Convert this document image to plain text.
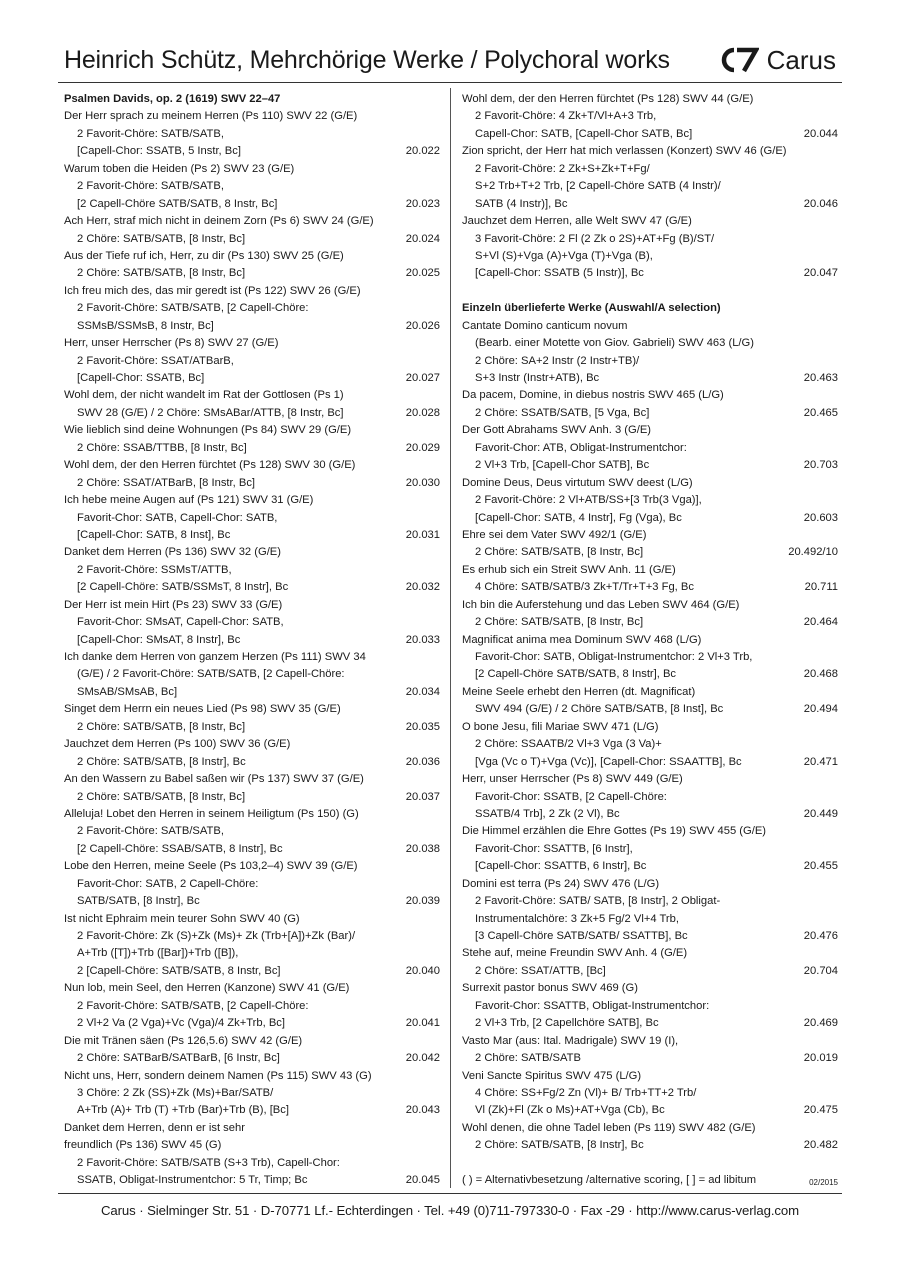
Heinrich Schütz, Mehrchörige Werke / Polychoral works	Carus
Psalmen Davids, op. 2 (1619) SWV 22–47
Der Herr sprach zu meinem Herren (Ps 110) SWV 22 (G/E)
2 Favorit-Chöre: SATB/SATB,
[Capell-Chor: SSATB, 5 Instr, Bc]	20.022
Warum toben die Heiden (Ps 2) SWV 23 (G/E)
2 Favorit-Chöre: SATB/SATB,
[2 Capell-Chöre SATB/SATB, 8 Instr, Bc]	20.023
Ach Herr, straf mich nicht in deinem Zorn (Ps 6) SWV 24 (G/E)
2 Chöre: SATB/SATB, [8 Instr, Bc]	20.024
Aus der Tiefe ruf ich, Herr, zu dir (Ps 130) SWV 25 (G/E)
2 Chöre: SATB/SATB, [8 Instr, Bc]	20.025
Ich freu mich des, das mir geredt ist (Ps 122) SWV 26 (G/E)
2 Favorit-Chöre: SATB/SATB, [2 Capell-Chöre:
SSMsB/SSMsB, 8 Instr, Bc]	20.026
Herr, unser Herrscher (Ps 8) SWV 27 (G/E)
2 Favorit-Chöre: SSAT/ATBarB,
[Capell-Chor: SSATB, Bc]	20.027
Wohl dem, der nicht wandelt im Rat der Gottlosen (Ps 1)
SWV 28 (G/E) / 2 Chöre: SMsABar/ATTB, [8 Instr, Bc]	20.028
Wie lieblich sind deine Wohnungen (Ps 84) SWV 29 (G/E)
2 Chöre: SSAB/TTBB, [8 Instr, Bc]	20.029
Wohl dem, der den Herren fürchtet (Ps 128) SWV 30 (G/E)
2 Chöre: SSAT/ATBarB, [8 Instr, Bc]	20.030
Ich hebe meine Augen auf (Ps 121) SWV 31 (G/E)
Favorit-Chor: SATB, Capell-Chor: SATB,
[Capell-Chor: SATB, 8 Inst], Bc	20.031
Danket dem Herren (Ps 136) SWV 32 (G/E)
2 Favorit-Chöre: SSMsT/ATTB,
[2 Capell-Chöre: SATB/SSMsT, 8 Instr], Bc	20.032
Der Herr ist mein Hirt (Ps 23) SWV 33 (G/E)
Favorit-Chor: SMsAT, Capell-Chor: SATB,
[Capell-Chor: SMsAT, 8 Instr], Bc	20.033
Ich danke dem Herren von ganzem Herzen (Ps 111) SWV 34
(G/E) / 2 Favorit-Chöre: SATB/SATB, [2 Capell-Chöre:
SMsAB/SMsAB, Bc]	20.034
Singet dem Herrn ein neues Lied (Ps 98) SWV 35 (G/E)
2 Chöre: SATB/SATB, [8 Instr, Bc]	20.035
Jauchzet dem Herren (Ps 100) SWV 36 (G/E)
2 Chöre: SATB/SATB, [8 Instr], Bc	20.036
An den Wassern zu Babel saßen wir (Ps 137) SWV 37 (G/E)
2 Chöre: SATB/SATB, [8 Instr, Bc]	20.037
Alleluja! Lobet den Herren in seinem Heiligtum (Ps 150) (G)
2 Favorit-Chöre: SATB/SATB,
[2 Capell-Chöre: SSAB/SATB, 8 Instr], Bc	20.038
Lobe den Herren, meine Seele (Ps 103,2–4) SWV 39 (G/E)
Favorit-Chor: SATB, 2 Capell-Chöre:
SATB/SATB, [8 Instr], Bc	20.039
Ist nicht Ephraim mein teurer Sohn SWV 40 (G)
2 Favorit-Chöre: Zk (S)+Zk (Ms)+ Zk (Trb+[A])+Zk (Bar)/
A+Trb ([T])+Trb ([Bar])+Trb ([B]),
2 [Capell-Chöre: SATB/SATB, 8 Instr, Bc]	20.040
Nun lob, mein Seel, den Herren (Kanzone) SWV 41 (G/E)
2 Favorit-Chöre: SATB/SATB, [2 Capell-Chöre:
2 Vl+2 Va (2 Vga)+Vc (Vga)/4 Zk+Trb, Bc]	20.041
Die mit Tränen säen (Ps 126,5.6) SWV 42 (G/E)
2 Chöre: SATBarB/SATBarB, [6 Instr, Bc]	20.042
Nicht uns, Herr, sondern deinem Namen (Ps 115) SWV 43 (G)
3 Chöre: 2 Zk (SS)+Zk (Ms)+Bar/SATB/
A+Trb (A)+ Trb (T) +Trb (Bar)+Trb (B), [Bc]	20.043
Danket dem Herren, denn er ist sehr
freundlich (Ps 136) SWV 45 (G)
2 Favorit-Chöre: SATB/SATB (S+3 Trb), Capell-Chor:
SSATB, Obligat-Instrumentchor: 5 Tr, Timp; Bc	20.045
Wohl dem, der den Herren fürchtet (Ps 128) SWV 44 (G/E)
2 Favorit-Chöre: 4 Zk+T/Vl+A+3 Trb,
Capell-Chor: SATB, [Capell-Chor SATB, Bc]	20.044
Zion spricht, der Herr hat mich verlassen (Konzert) SWV 46 (G/E)
2 Favorit-Chöre: 2 Zk+S+Zk+T+Fg/
S+2 Trb+T+2 Trb, [2 Capell-Chöre SATB (4 Instr)/
SATB (4 Instr)], Bc	20.046
Jauchzet dem Herren, alle Welt SWV 47 (G/E)
3 Favorit-Chöre: 2 Fl (2 Zk o 2S)+AT+Fg (B)/ST/
S+Vl (S)+Vga (A)+Vga (T)+Vga (B),
[Capell-Chor: SSATB (5 Instr)], Bc	20.047
Einzeln überlieferte Werke (Auswahl/A selection)
Cantate Domino canticum novum
(Bearb. einer Motette von Giov. Gabrieli) SWV 463 (L/G)
2 Chöre: SA+2 Instr (2 Instr+TB)/
S+3 Instr (Instr+ATB), Bc	20.463
Da pacem, Domine, in diebus nostris SWV 465 (L/G)
2 Chöre: SSATB/SATB, [5 Vga, Bc]	20.465
Der Gott Abrahams SWV Anh. 3 (G/E)
Favorit-Chor: ATB, Obligat-Instrumentchor:
2 Vl+3 Trb, [Capell-Chor SATB], Bc	20.703
Domine Deus, Deus virtutum SWV deest (L/G)
2 Favorit-Chöre: 2 Vl+ATB/SS+[3 Trb(3 Vga)],
[Capell-Chor: SATB, 4 Instr], Fg (Vga), Bc	20.603
Ehre sei dem Vater SWV 492/1 (G/E)
2 Chöre: SATB/SATB, [8 Instr, Bc]	20.492/10
Es erhub sich ein Streit SWV Anh. 11 (G/E)
4 Chöre: SATB/SATB/3 Zk+T/Tr+T+3 Fg, Bc	20.711
Ich bin die Auferstehung und das Leben SWV 464 (G/E)
2 Chöre: SATB/SATB, [8 Instr, Bc]	20.464
Magnificat anima mea Dominum SWV 468 (L/G)
Favorit-Chor: SATB, Obligat-Instrumentchor: 2 Vl+3 Trb,
[2 Capell-Chöre SATB/SATB, 8 Instr], Bc	20.468
Meine Seele erhebt den Herren (dt. Magnificat)
SWV 494 (G/E) / 2 Chöre SATB/SATB, [8 Inst], Bc	20.494
O bone Jesu, fili Mariae SWV 471 (L/G)
2 Chöre: SSAATB/2 Vl+3 Vga (3 Va)+
[Vga (Vc o T)+Vga (Vc)], [Capell-Chor: SSAATTB], Bc	20.471
Herr, unser Herrscher (Ps 8) SWV 449 (G/E)
Favorit-Chor: SSATB, [2 Capell-Chöre:
SSATB/4 Trb], 2 Zk (2 Vl), Bc	20.449
Die Himmel erzählen die Ehre Gottes (Ps 19) SWV 455 (G/E)
Favorit-Chor: SSATTB, [6 Instr],
[Capell-Chor: SSATTB, 6 Instr], Bc	20.455
Domini est terra (Ps 24) SWV 476 (L/G)
2 Favorit-Chöre: SATB/ SATB, [8 Instr], 2 Obligat-
Instrumentalchöre: 3 Zk+5 Fg/2 Vl+4 Trb,
[3 Capell-Chöre SATB/SATB/ SSATTB], Bc	20.476
Stehe auf, meine Freundin SWV Anh. 4 (G/E)
2 Chöre: SSAT/ATTB, [Bc]	20.704
Surrexit pastor bonus SWV 469 (G)
Favorit-Chor: SSATTB, Obligat-Instrumentchor:
2 Vl+3 Trb, [2 Capellchöre SATB], Bc	20.469
Vasto Mar (aus: Ital. Madrigale) SWV 19 (I),
2 Chöre: SATB/SATB	20.019
Veni Sancte Spiritus SWV 475 (L/G)
4 Chöre: SS+Fg/2 Zn (Vl)+ B/ Trb+TT+2 Trb/
Vl (Zk)+Fl (Zk o Ms)+AT+Vga (Cb), Bc	20.475
Wohl denen, die ohne Tadel leben (Ps 119) SWV 482 (G/E)
2 Chöre: SATB/SATB, [8 Instr], Bc	20.482
( ) = Alternativbesetzung /alternative scoring, [ ] = ad libitum	02/2015
Carus · Sielminger Str. 51 · D-70771 Lf.- Echterdingen · Tel. +49 (0)711-797330-0 · Fax -29 · http://www.carus-verlag.com
